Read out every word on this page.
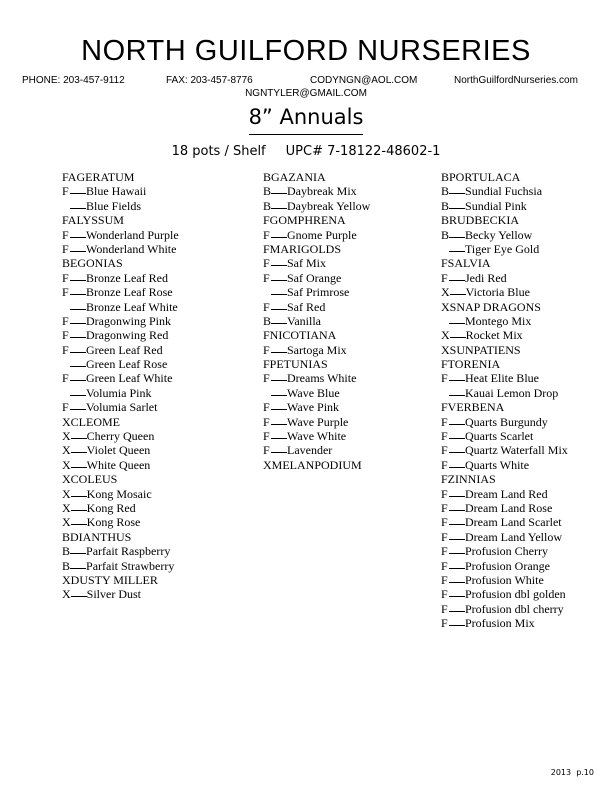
NORTH GUILFORD NURSERIES
PHONE: 203-457-9112	FAX: 203-457-8776	CODYNGN@AOL.COM	NorthGuilfordNurseries.com
NGNTYLER@GMAIL.COM
8” Annuals
18 pots / Shelf UPC# 7-18122-48602-1
FAGERATUM
F Blue Hawaii
Blue Fields
FALYSSUM
F Wonderland Purple
F Wonderland White
BEGONIAS
F Bronze Leaf Red
F Bronze Leaf Rose
Bronze Leaf White
F Dragonwing Pink
F Dragonwing Red
F Green Leaf Red
Green Leaf Rose
F Green Leaf White
Volumia Pink
F Volumia Sarlet
XCLEOME
X Cherry Queen
X Violet Queen
X White Queen
XCOLEUS
X Kong Mosaic
X Kong Red
X Kong Rose
BDIANTHUS
B Parfait Raspberry
B Parfait Strawberry
XDUSTY MILLER
X Silver Dust
BGAZANIA
B Daybreak Mix
B Daybreak Yellow
FGOMPHRENA
F Gnome Purple
FMARIGOLDS
F Saf Mix
F Saf Orange
Saf Primrose
F Saf Red
B Vanilla
FNICOTIANA
F Sartoga Mix
FPETUNIAS
F Dreams White
Wave Blue
F Wave Pink
F Wave Purple
F Wave White
F Lavender
XMELANPODIUM
BPORTULACA
B Sundial Fuchsia
B Sundial Pink
BRUDBECKIA
B Becky Yellow
Tiger Eye Gold
FSALVIA
F Jedi Red
X Victoria Blue
XSNAP DRAGONS
Montego Mix
X Rocket Mix
XSUNPATIENS
FTORENIA
F Heat Elite Blue
Kauai Lemon Drop
FVERBENA
F Quarts Burgundy
F Quarts Scarlet
F Quartz Waterfall Mix
F Quarts White
FZINNIAS
F Dream Land Red
F Dream Land Rose
F Dream Land Scarlet
F Dream Land Yellow
F Profusion Cherry
F Profusion Orange
F Profusion White
F Profusion dbl golden
F Profusion dbl cherry
F Profusion Mix
2013 p.10
